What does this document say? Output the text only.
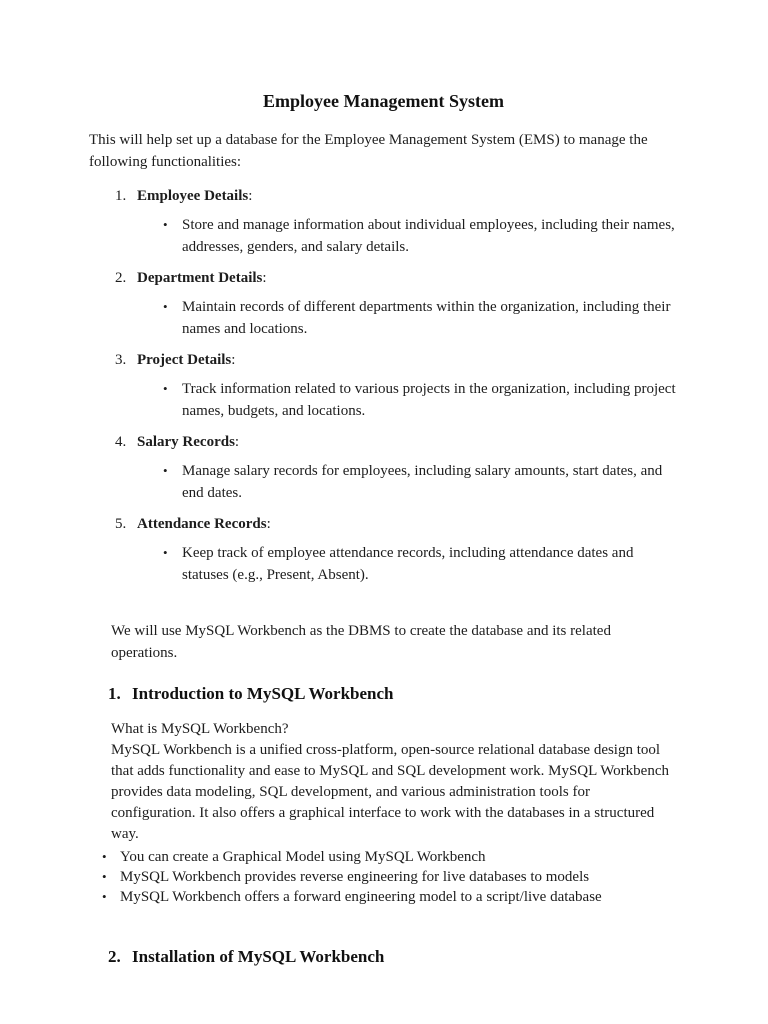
Employee Management System

This will help set up a database for the Employee Management System (EMS) to manage the following functionalities:

1. Employee Details:
• Store and manage information about individual employees, including their names, addresses, genders, and salary details.
2. Department Details:
• Maintain records of different departments within the organization, including their names and locations.
3. Project Details:
• Track information related to various projects in the organization, including project names, budgets, and locations.
4. Salary Records:
• Manage salary records for employees, including salary amounts, start dates, and end dates.
5. Attendance Records:
• Keep track of employee attendance records, including attendance dates and statuses (e.g., Present, Absent).

We will use MySQL Workbench as the DBMS to create the database and its related operations.

1. Introduction to MySQL Workbench

What is MySQL Workbench?

MySQL Workbench is a unified cross-platform, open-source relational database design tool that adds functionality and ease to MySQL and SQL development work. MySQL Workbench provides data modeling, SQL development, and various administration tools for configuration. It also offers a graphical interface to work with the databases in a structured way.

• You can create a Graphical Model using MySQL Workbench
• MySQL Workbench provides reverse engineering for live databases to models
• MySQL Workbench offers a forward engineering model to a script/live database
2. Installation of MySQL Workbench
